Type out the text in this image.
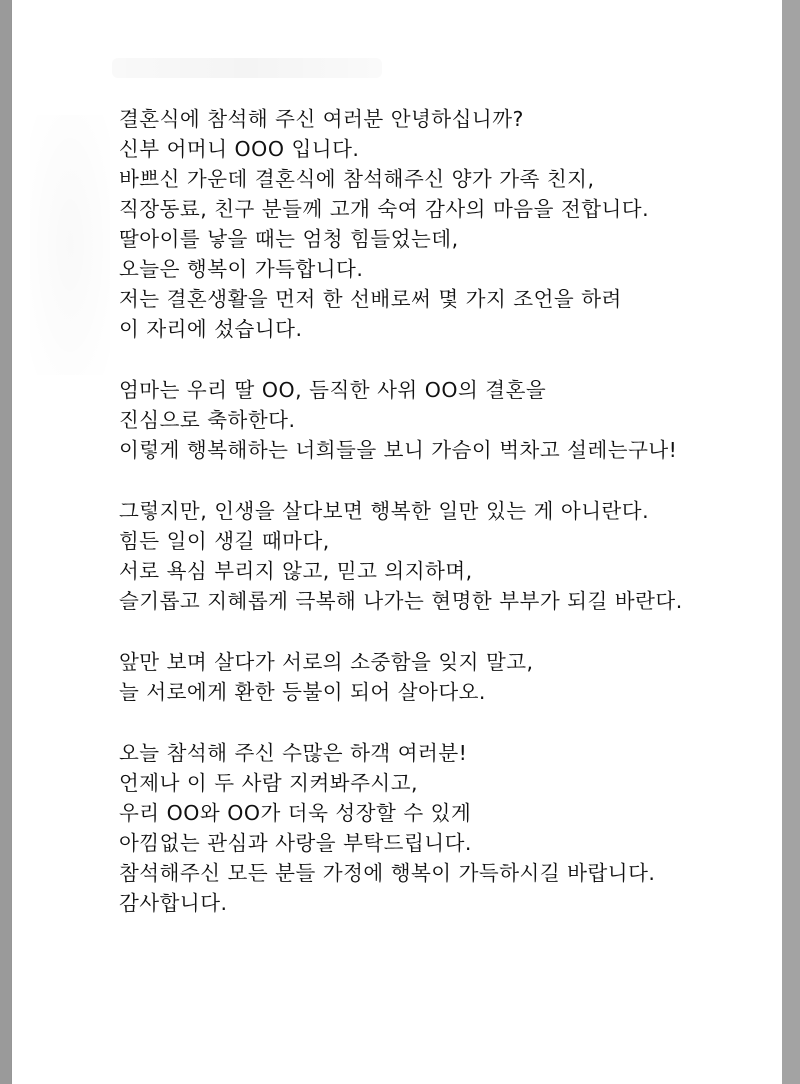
결혼식에 참석해 주신 여러분 안녕하십니까?
신부 어머니 OOO 입니다.
바쁘신 가운데 결혼식에 참석해주신 양가 가족 친지,
직장동료, 친구 분들께 고개 숙여 감사의 마음을 전합니다.
딸아이를 낳을 때는 엄청 힘들었는데,
오늘은 행복이 가득합니다.
저는 결혼생활을 먼저 한 선배로써 몇 가지 조언을 하려
이 자리에 섰습니다.
엄마는 우리 딸 OO, 듬직한 사위 OO의 결혼을
진심으로 축하한다.
이렇게 행복해하는 너희들을 보니 가슴이 벅차고 설레는구나!
그렇지만, 인생을 살다보면 행복한 일만 있는 게 아니란다.
힘든 일이 생길 때마다,
서로 욕심 부리지 않고, 믿고 의지하며,
슬기롭고 지혜롭게 극복해 나가는 현명한 부부가 되길 바란다.
앞만 보며 살다가 서로의 소중함을 잊지 말고,
늘 서로에게 환한 등불이 되어 살아다오.
오늘 참석해 주신 수많은 하객 여러분!
언제나 이 두 사람 지켜봐주시고,
우리 OO와 OO가 더욱 성장할 수 있게
아낌없는 관심과 사랑을 부탁드립니다.
참석해주신 모든 분들 가정에 행복이 가득하시길 바랍니다.
감사합니다.
